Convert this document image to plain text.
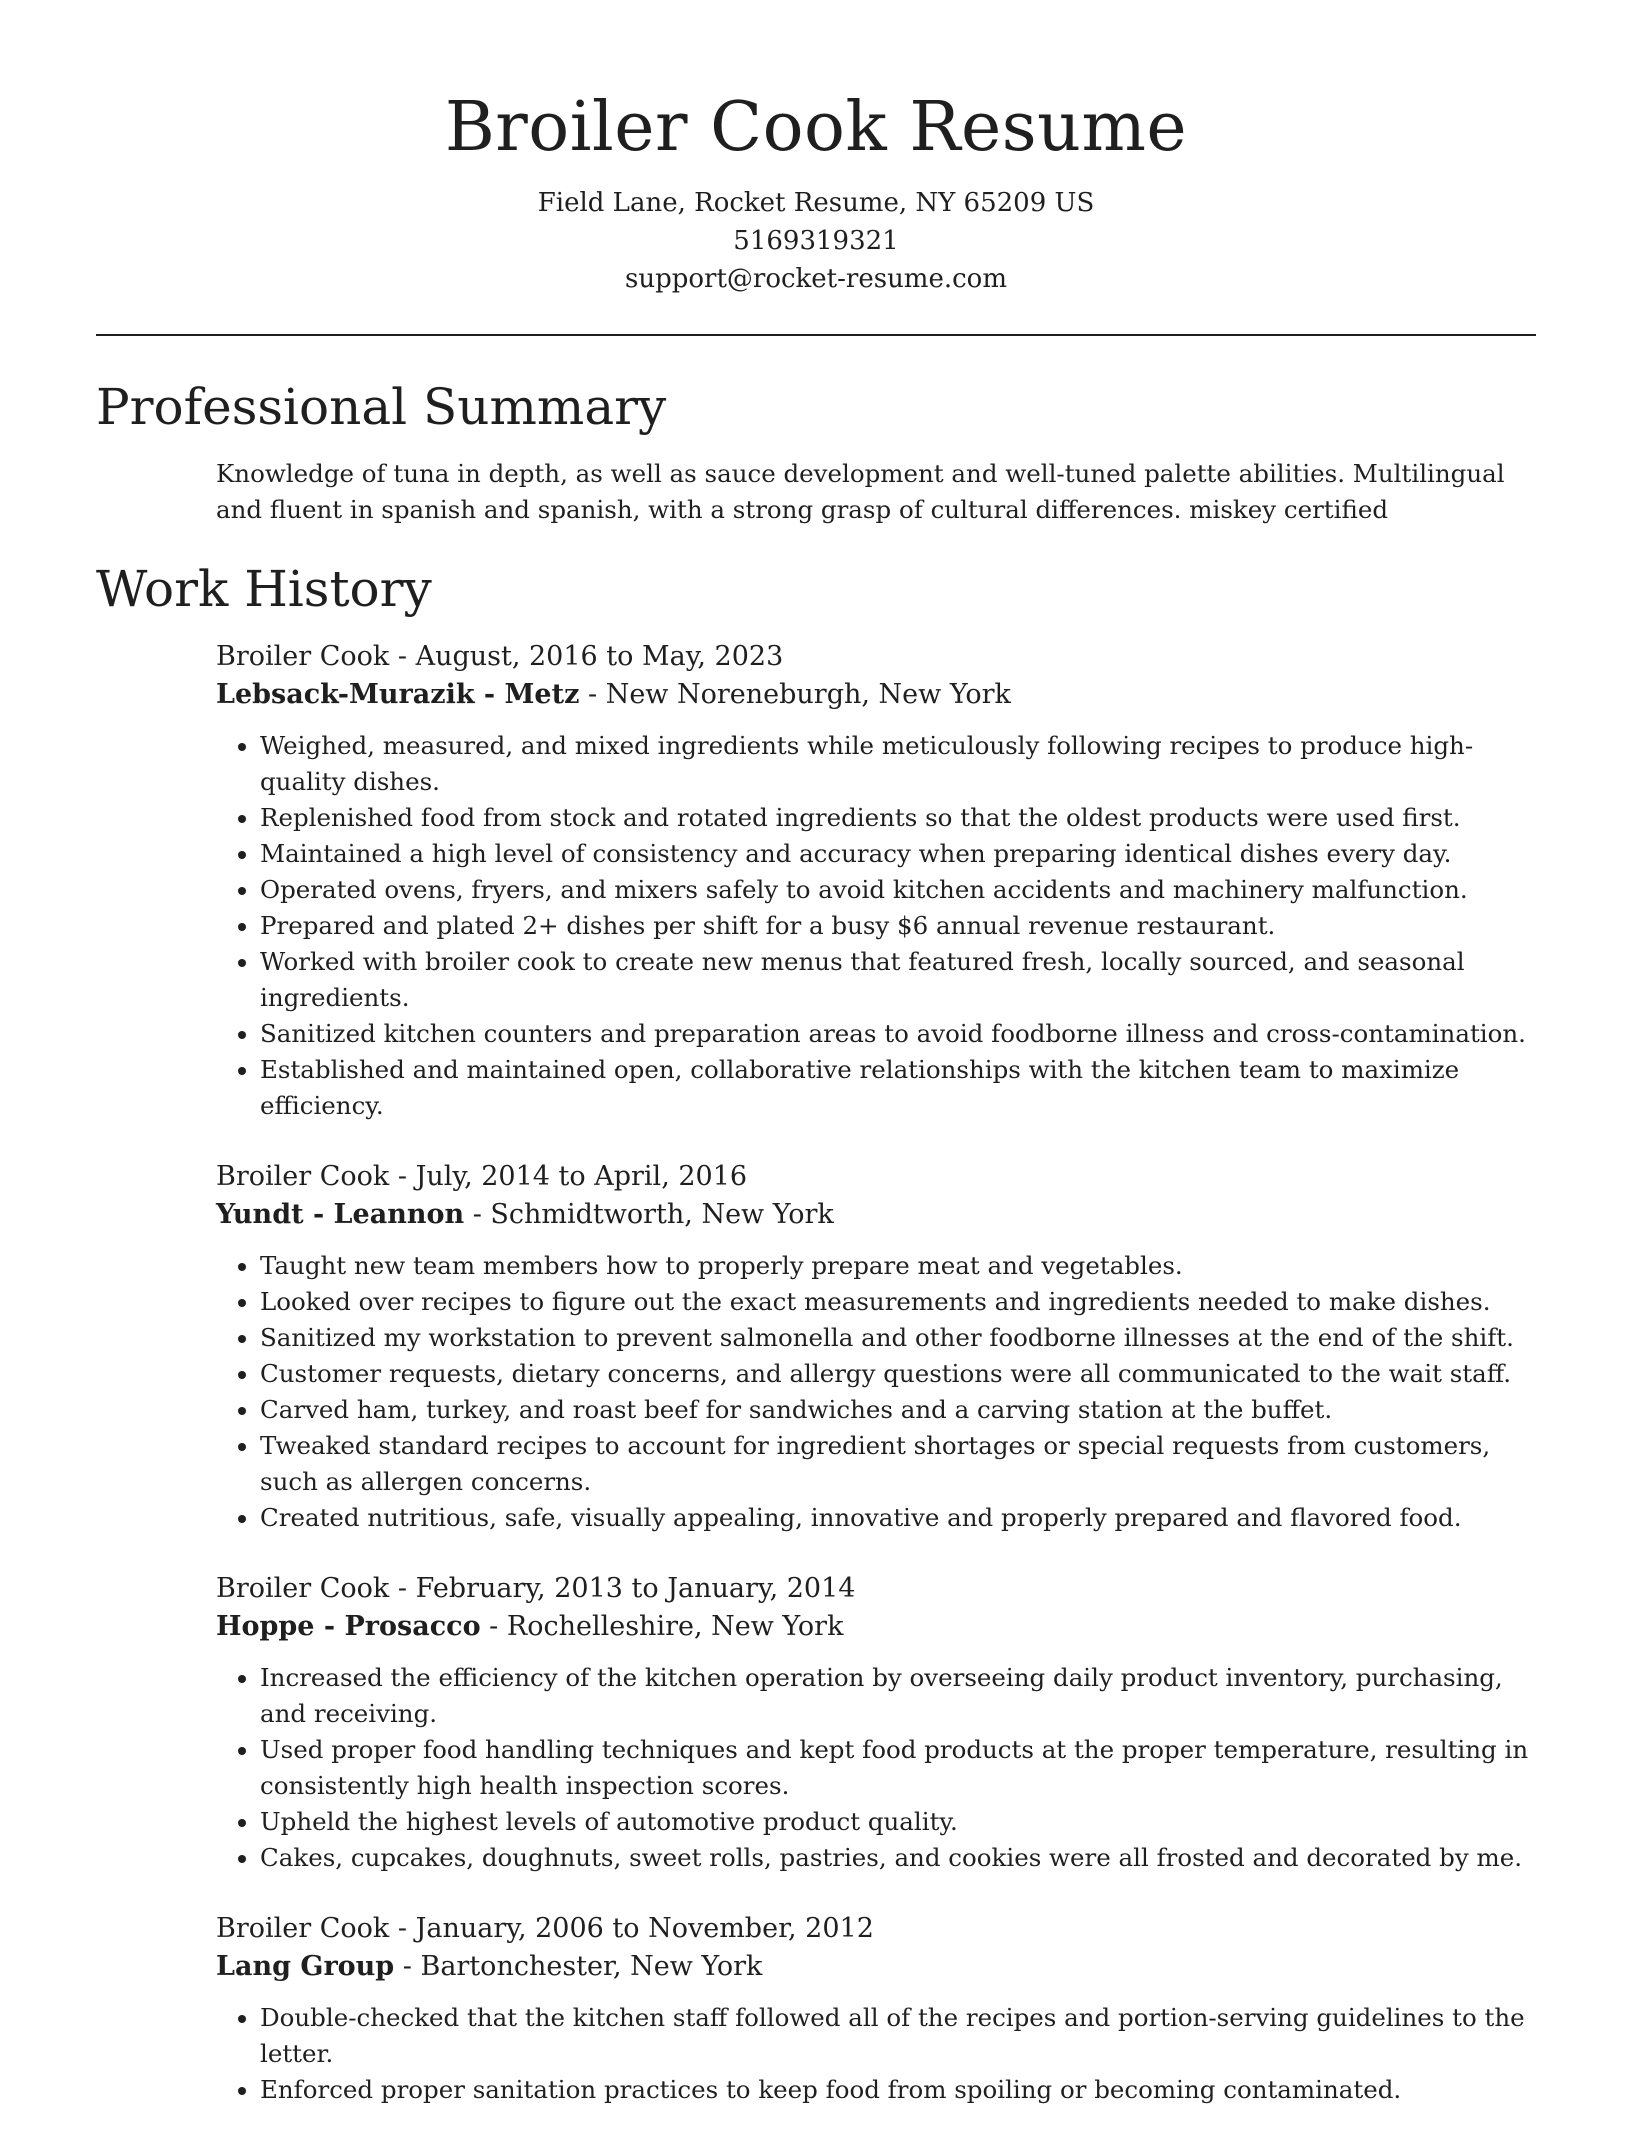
Broiler Cook Resume
Field Lane, Rocket Resume, NY 65209 US
5169319321
support@rocket-resume.com
Professional Summary

Knowledge of tuna in depth, as well as sauce development and well-tuned palette abilities. Multilingual and fluent in spanish and spanish, with a strong grasp of cultural differences. miskey certified

Work History
Broiler Cook - August, 2016 to May, 2023
Lebsack-Murazik - Metz - New Noreneburgh, New York
• Weighed, measured, and mixed ingredients while meticulously following recipes to produce high-quality dishes.
• Replenished food from stock and rotated ingredients so that the oldest products were used first.
• Maintained a high level of consistency and accuracy when preparing identical dishes every day.
• Operated ovens, fryers, and mixers safely to avoid kitchen accidents and machinery malfunction.
• Prepared and plated 2+ dishes per shift for a busy $6 annual revenue restaurant.
• Worked with broiler cook to create new menus that featured fresh, locally sourced, and seasonal ingredients.
• Sanitized kitchen counters and preparation areas to avoid foodborne illness and cross-contamination.
• Established and maintained open, collaborative relationships with the kitchen team to maximize efficiency.
Broiler Cook - July, 2014 to April, 2016
Yundt - Leannon - Schmidtworth, New York
• Taught new team members how to properly prepare meat and vegetables.
• Looked over recipes to figure out the exact measurements and ingredients needed to make dishes.
• Sanitized my workstation to prevent salmonella and other foodborne illnesses at the end of the shift.
• Customer requests, dietary concerns, and allergy questions were all communicated to the wait staff.
• Carved ham, turkey, and roast beef for sandwiches and a carving station at the buffet.
• Tweaked standard recipes to account for ingredient shortages or special requests from customers, such as allergen concerns.
• Created nutritious, safe, visually appealing, innovative and properly prepared and flavored food.
Broiler Cook - February, 2013 to January, 2014
Hoppe - Prosacco - Rochelleshire, New York
• Increased the efficiency of the kitchen operation by overseeing daily product inventory, purchasing, and receiving.
• Used proper food handling techniques and kept food products at the proper temperature, resulting in consistently high health inspection scores.
• Upheld the highest levels of automotive product quality.
• Cakes, cupcakes, doughnuts, sweet rolls, pastries, and cookies were all frosted and decorated by me.
Broiler Cook - January, 2006 to November, 2012
Lang Group - Bartonchester, New York
• Double-checked that the kitchen staff followed all of the recipes and portion-serving guidelines to the letter.
• Enforced proper sanitation practices to keep food from spoiling or becoming contaminated.
